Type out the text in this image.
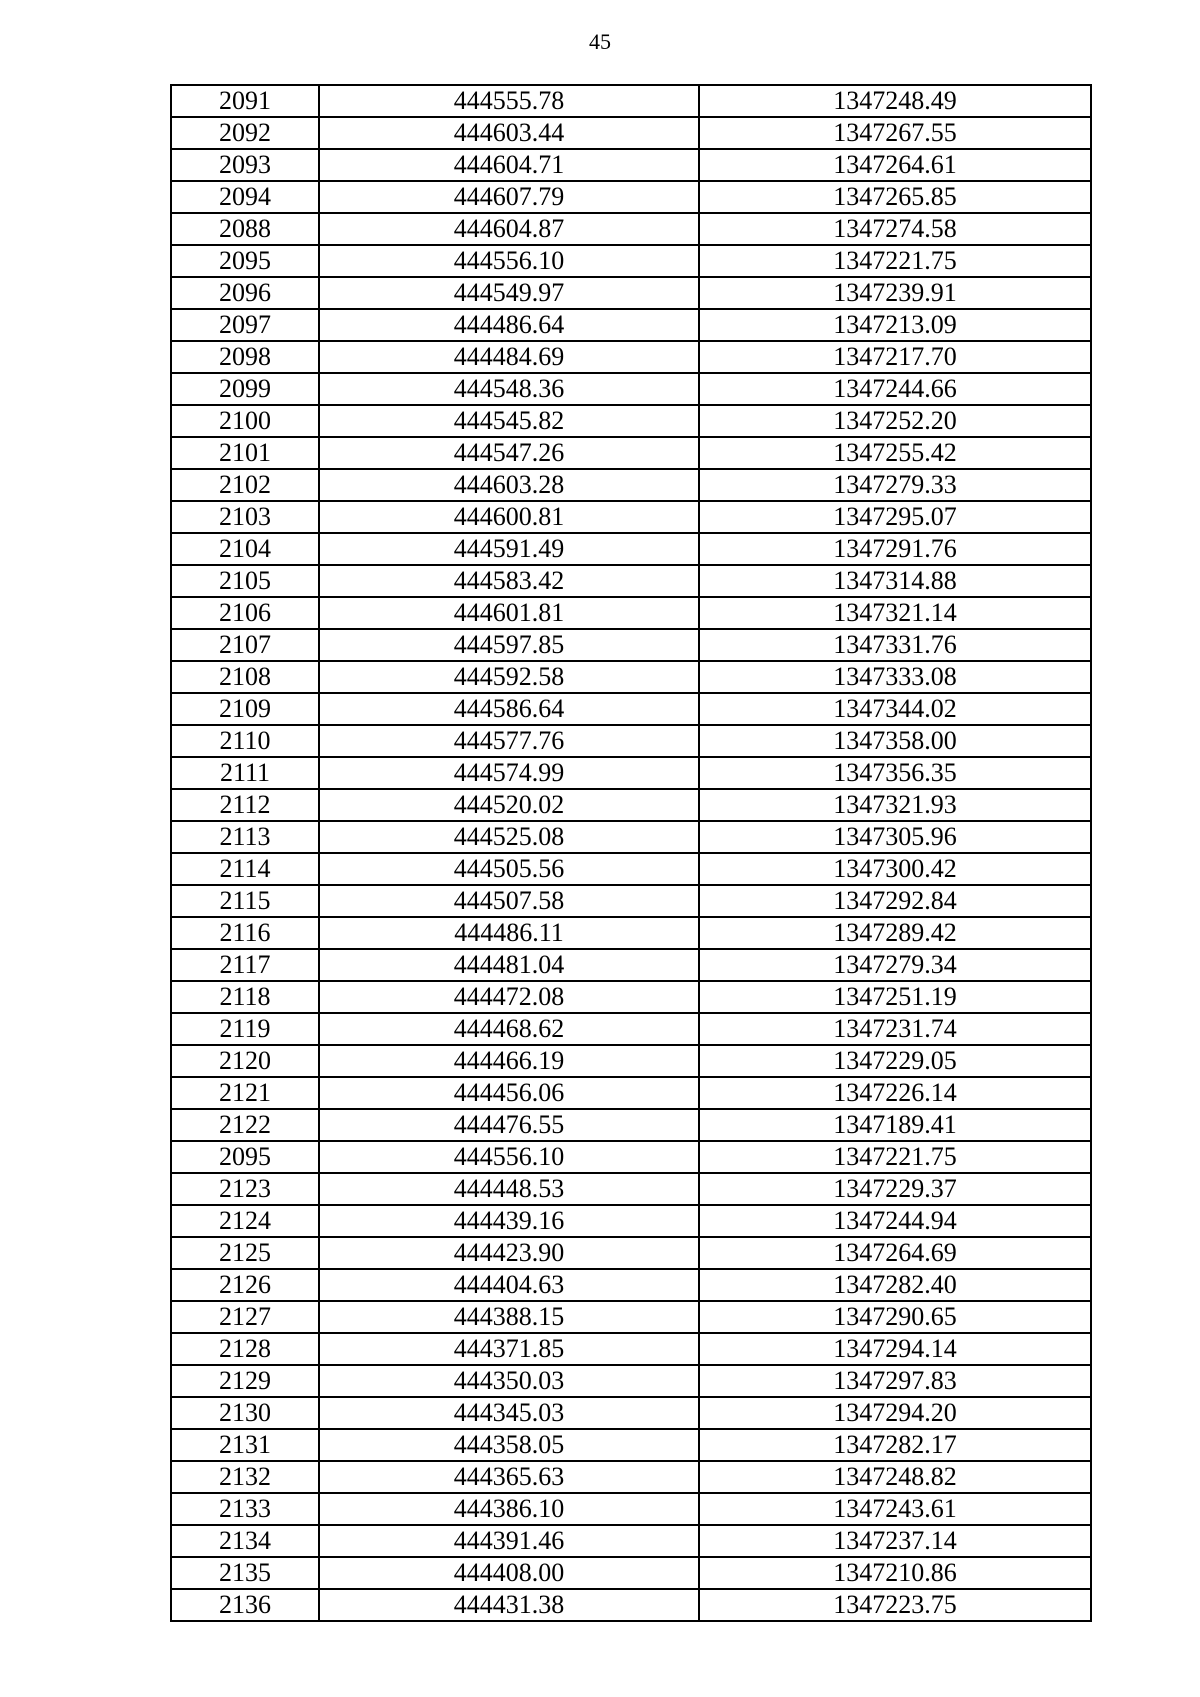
45
2091	444555.78	1347248.49
2092	444603.44	1347267.55
2093	444604.71	1347264.61
2094	444607.79	1347265.85
2088	444604.87	1347274.58
2095	444556.10	1347221.75
2096	444549.97	1347239.91
2097	444486.64	1347213.09
2098	444484.69	1347217.70
2099	444548.36	1347244.66
2100	444545.82	1347252.20
2101	444547.26	1347255.42
2102	444603.28	1347279.33
2103	444600.81	1347295.07
2104	444591.49	1347291.76
2105	444583.42	1347314.88
2106	444601.81	1347321.14
2107	444597.85	1347331.76
2108	444592.58	1347333.08
2109	444586.64	1347344.02
2110	444577.76	1347358.00
2111	444574.99	1347356.35
2112	444520.02	1347321.93
2113	444525.08	1347305.96
2114	444505.56	1347300.42
2115	444507.58	1347292.84
2116	444486.11	1347289.42
2117	444481.04	1347279.34
2118	444472.08	1347251.19
2119	444468.62	1347231.74
2120	444466.19	1347229.05
2121	444456.06	1347226.14
2122	444476.55	1347189.41
2095	444556.10	1347221.75
2123	444448.53	1347229.37
2124	444439.16	1347244.94
2125	444423.90	1347264.69
2126	444404.63	1347282.40
2127	444388.15	1347290.65
2128	444371.85	1347294.14
2129	444350.03	1347297.83
2130	444345.03	1347294.20
2131	444358.05	1347282.17
2132	444365.63	1347248.82
2133	444386.10	1347243.61
2134	444391.46	1347237.14
2135	444408.00	1347210.86
2136	444431.38	1347223.75
